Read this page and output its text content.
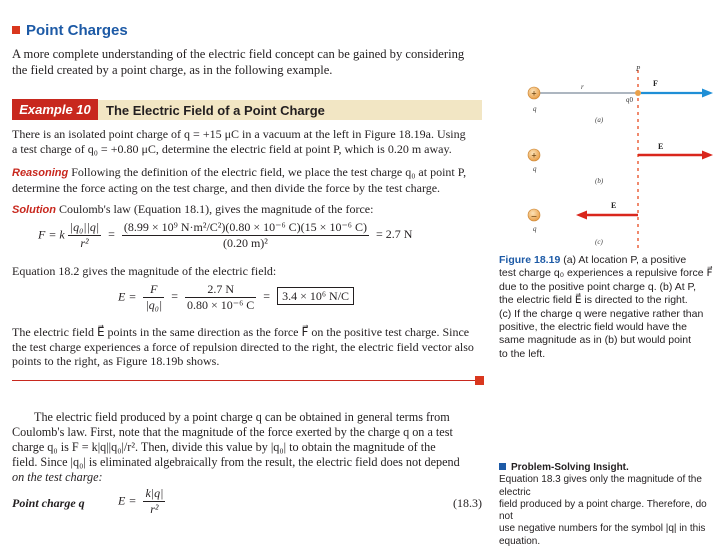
Point Charges
A more complete understanding of the electric field concept can be gained by considering
the field created by a point charge, as in the following example.
Example 10	The Electric Field of a Point Charge
There is an isolated point charge of q = +15 μC in a vacuum at the left in Figure 18.19a. Using
a test charge of q₀ = +0.80 μC, determine the electric field at point P, which is 0.20 m away.
Reasoning Following the definition of the electric field, we place the test charge q₀ at point P,
determine the force acting on the test charge, and then divide the force by the test charge.
Solution Coulomb's law (Equation 18.1), gives the magnitude of the force:
F = k $\frac{\text{|q₀||q|}}{\text{r²}} = \frac{\text{(8.99 × 10⁹ N·m²/C²)(0.80 × 10⁻⁶ C)(15 × 10⁻⁶ C)}}{\text{(0.20 m)²}} = 2.7$ N
Equation 18.2 gives the magnitude of the electric field:
$E = \frac{F}{\text{|q₀|}} = \frac{2.7 N}{\text{0.80 × 10⁻⁶ C}} = 3.4 \times 10^6$ N/C
The electric field E⃗ points in the same direction as the force F⃗ on the positive test charge. Since
the test charge experiences a force of repulsion directed to the right, the electric field vector also
points to the right, as Figure 18.19b shows.
The electric field produced by a point charge q can be obtained in general terms from
Coulomb's law. First, note that the magnitude of the force exerted by the charge q on a test
charge q₀ is F = k|q||q₀|/r². Then, divide this value by |q₀| to obtain the magnitude of the
field. Since |q₀| is eliminated algebraically from the result, the electric field does not depend
on the test charge:
Point charge q	$E = \frac{k|q|}{\text{r²}}$	(18.3)
+
q
r
P
q0
F
(a)
+
q
E
(b)
–
q
E
(c)
Figure 18.19 (a) At location P, a positive
test charge q₀ experiences a repulsive force F⃗
due to the positive point charge q. (b) At P,
the electric field E⃗ is directed to the right.
(c) If the charge q were negative rather than
positive, the electric field would have the
same magnitude as in (b) but would point
to the left.
Problem-Solving Insight.
Equation 18.3 gives only the magnitude of the electric
field produced by a point charge. Therefore, do not
use negative numbers for the symbol |q| in this
equation.
